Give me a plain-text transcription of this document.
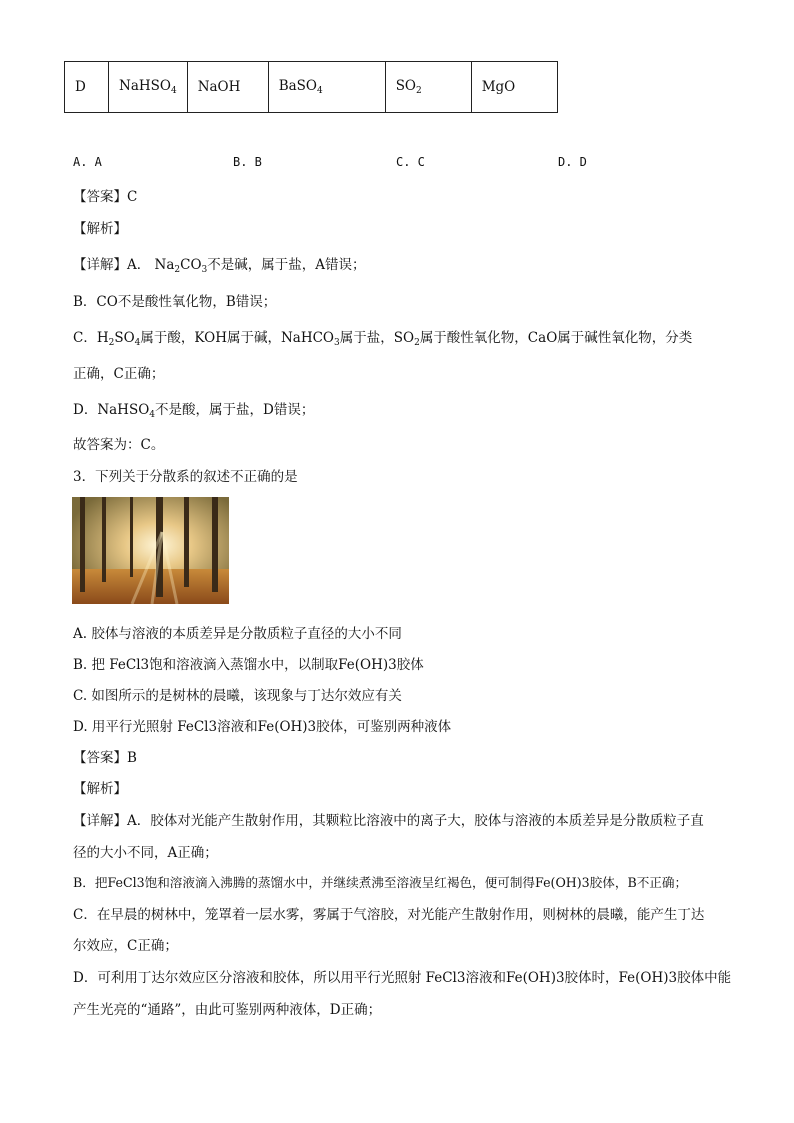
D	NaHSO$_4$	NaOH	BaSO$_4$	$SO_2$	MgO
A. A	B. B	C. C	D. D
【答案】C
【解析】
【详解】A． $Na_2CO_3$不是碱，属于盐，A错误；
B．CO不是酸性氧化物，B错误；
C．$H_2SO_4$属于酸，KOH属于碱，NaHCO$_3$属于盐，$SO_2$属于酸性氧化物，CaO属于碱性氧化物，分类
正确，C正确；
D．NaHSO$_4$不是酸，属于盐，D错误；
故答案为：C。
3．下列关于分散系的叙述不正确的是
A. 胶体与溶液的本质差异是分散质粒子直径的大小不同
B. 把 FeCl3饱和溶液滴入蒸馏水中，以制取Fe(OH)3胶体
C. 如图所示的是树林的晨曦，该现象与丁达尔效应有关
D. 用平行光照射 FeCl3溶液和Fe(OH)3胶体，可鉴别两种液体
【答案】B
【解析】
【详解】A．胶体对光能产生散射作用，其颗粒比溶液中的离子大，胶体与溶液的本质差异是分散质粒子直
径的大小不同，A正确；
B．把FeCl3饱和溶液滴入沸腾的蒸馏水中，并继续煮沸至溶液呈红褐色，便可制得Fe(OH)3胶体，B不正确；
C．在早晨的树林中，笼罩着一层水雾，雾属于气溶胶，对光能产生散射作用，则树林的晨曦，能产生丁达
尔效应，C正确；
D．可利用丁达尔效应区分溶液和胶体，所以用平行光照射 FeCl3溶液和Fe(OH)3胶体时，Fe(OH)3胶体中能
产生光亮的“通路”，由此可鉴别两种液体，D正确；
